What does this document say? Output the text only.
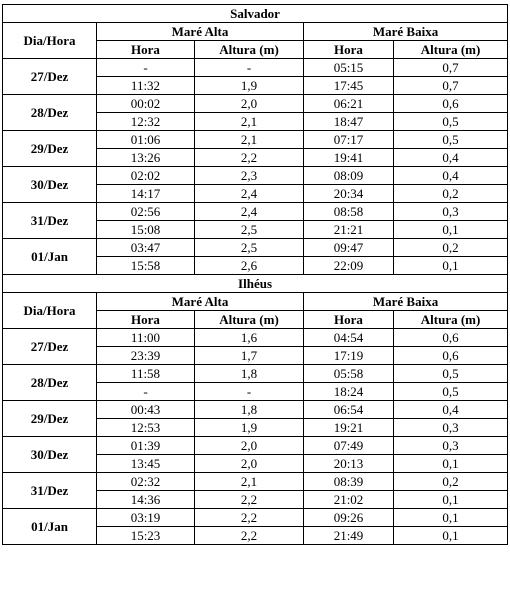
Salvador				
Dia/Hora	Maré Alta		Maré Baixa	
	Hora	Altura (m)	Hora	Altura (m)
27/Dez	-	-	05:15	0,7
	11:32	1,9	17:45	0,7
28/Dez	00:02	2,0	06:21	0,6
	12:32	2,1	18:47	0,5
29/Dez	01:06	2,1	07:17	0,5
	13:26	2,2	19:41	0,4
30/Dez	02:02	2,3	08:09	0,4
	14:17	2,4	20:34	0,2
31/Dez	02:56	2,4	08:58	0,3
	15:08	2,5	21:21	0,1
01/Jan	03:47	2,5	09:47	0,2
	15:58	2,6	22:09	0,1
Ilhéus				
Dia/Hora	Maré Alta		Maré Baixa	
	Hora	Altura (m)	Hora	Altura (m)
27/Dez	11:00	1,6	04:54	0,6
	23:39	1,7	17:19	0,6
28/Dez	11:58	1,8	05:58	0,5
	-	-	18:24	0,5
29/Dez	00:43	1,8	06:54	0,4
	12:53	1,9	19:21	0,3
30/Dez	01:39	2,0	07:49	0,3
	13:45	2,0	20:13	0,1
31/Dez	02:32	2,1	08:39	0,2
	14:36	2,2	21:02	0,1
01/Jan	03:19	2,2	09:26	0,1
	15:23	2,2	21:49	0,1
